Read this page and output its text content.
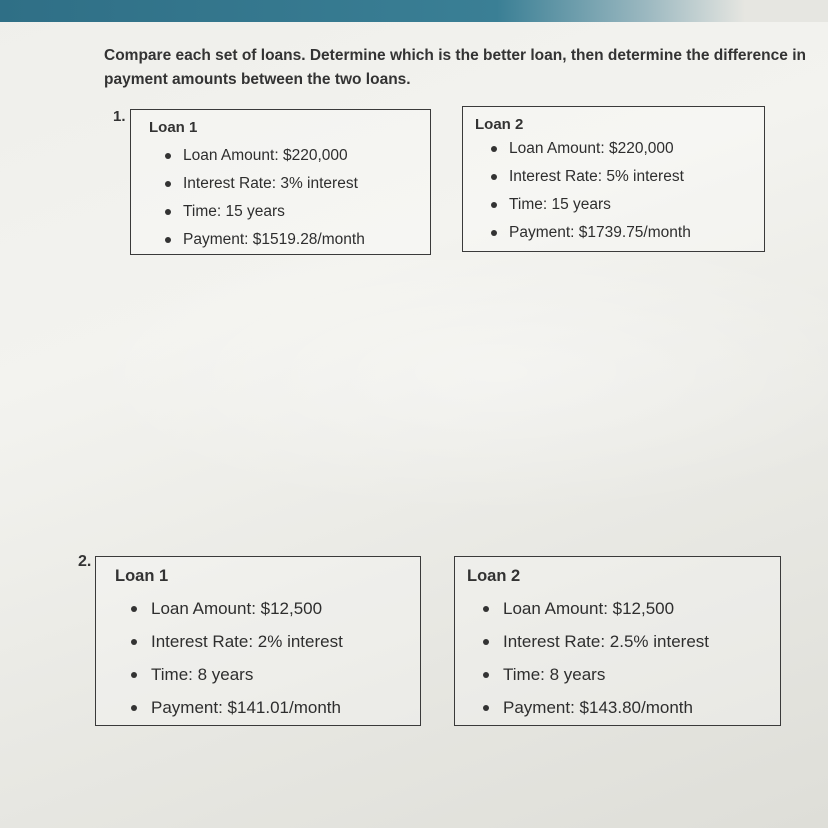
Compare each set of loans. Determine which is the better loan, then determine the difference in
payment amounts between the two loans.
1.
Loan 1
Loan Amount: $220,000
Interest Rate: 3% interest
Time: 15 years
Payment: $1519.28/month
Loan 2
Loan Amount: $220,000
Interest Rate: 5% interest
Time: 15 years
Payment: $1739.75/month
2.
Loan 1
Loan Amount: $12,500
Interest Rate: 2% interest
Time: 8 years
Payment: $141.01/month
Loan 2
Loan Amount: $12,500
Interest Rate: 2.5% interest
Time: 8 years
Payment: $143.80/month
